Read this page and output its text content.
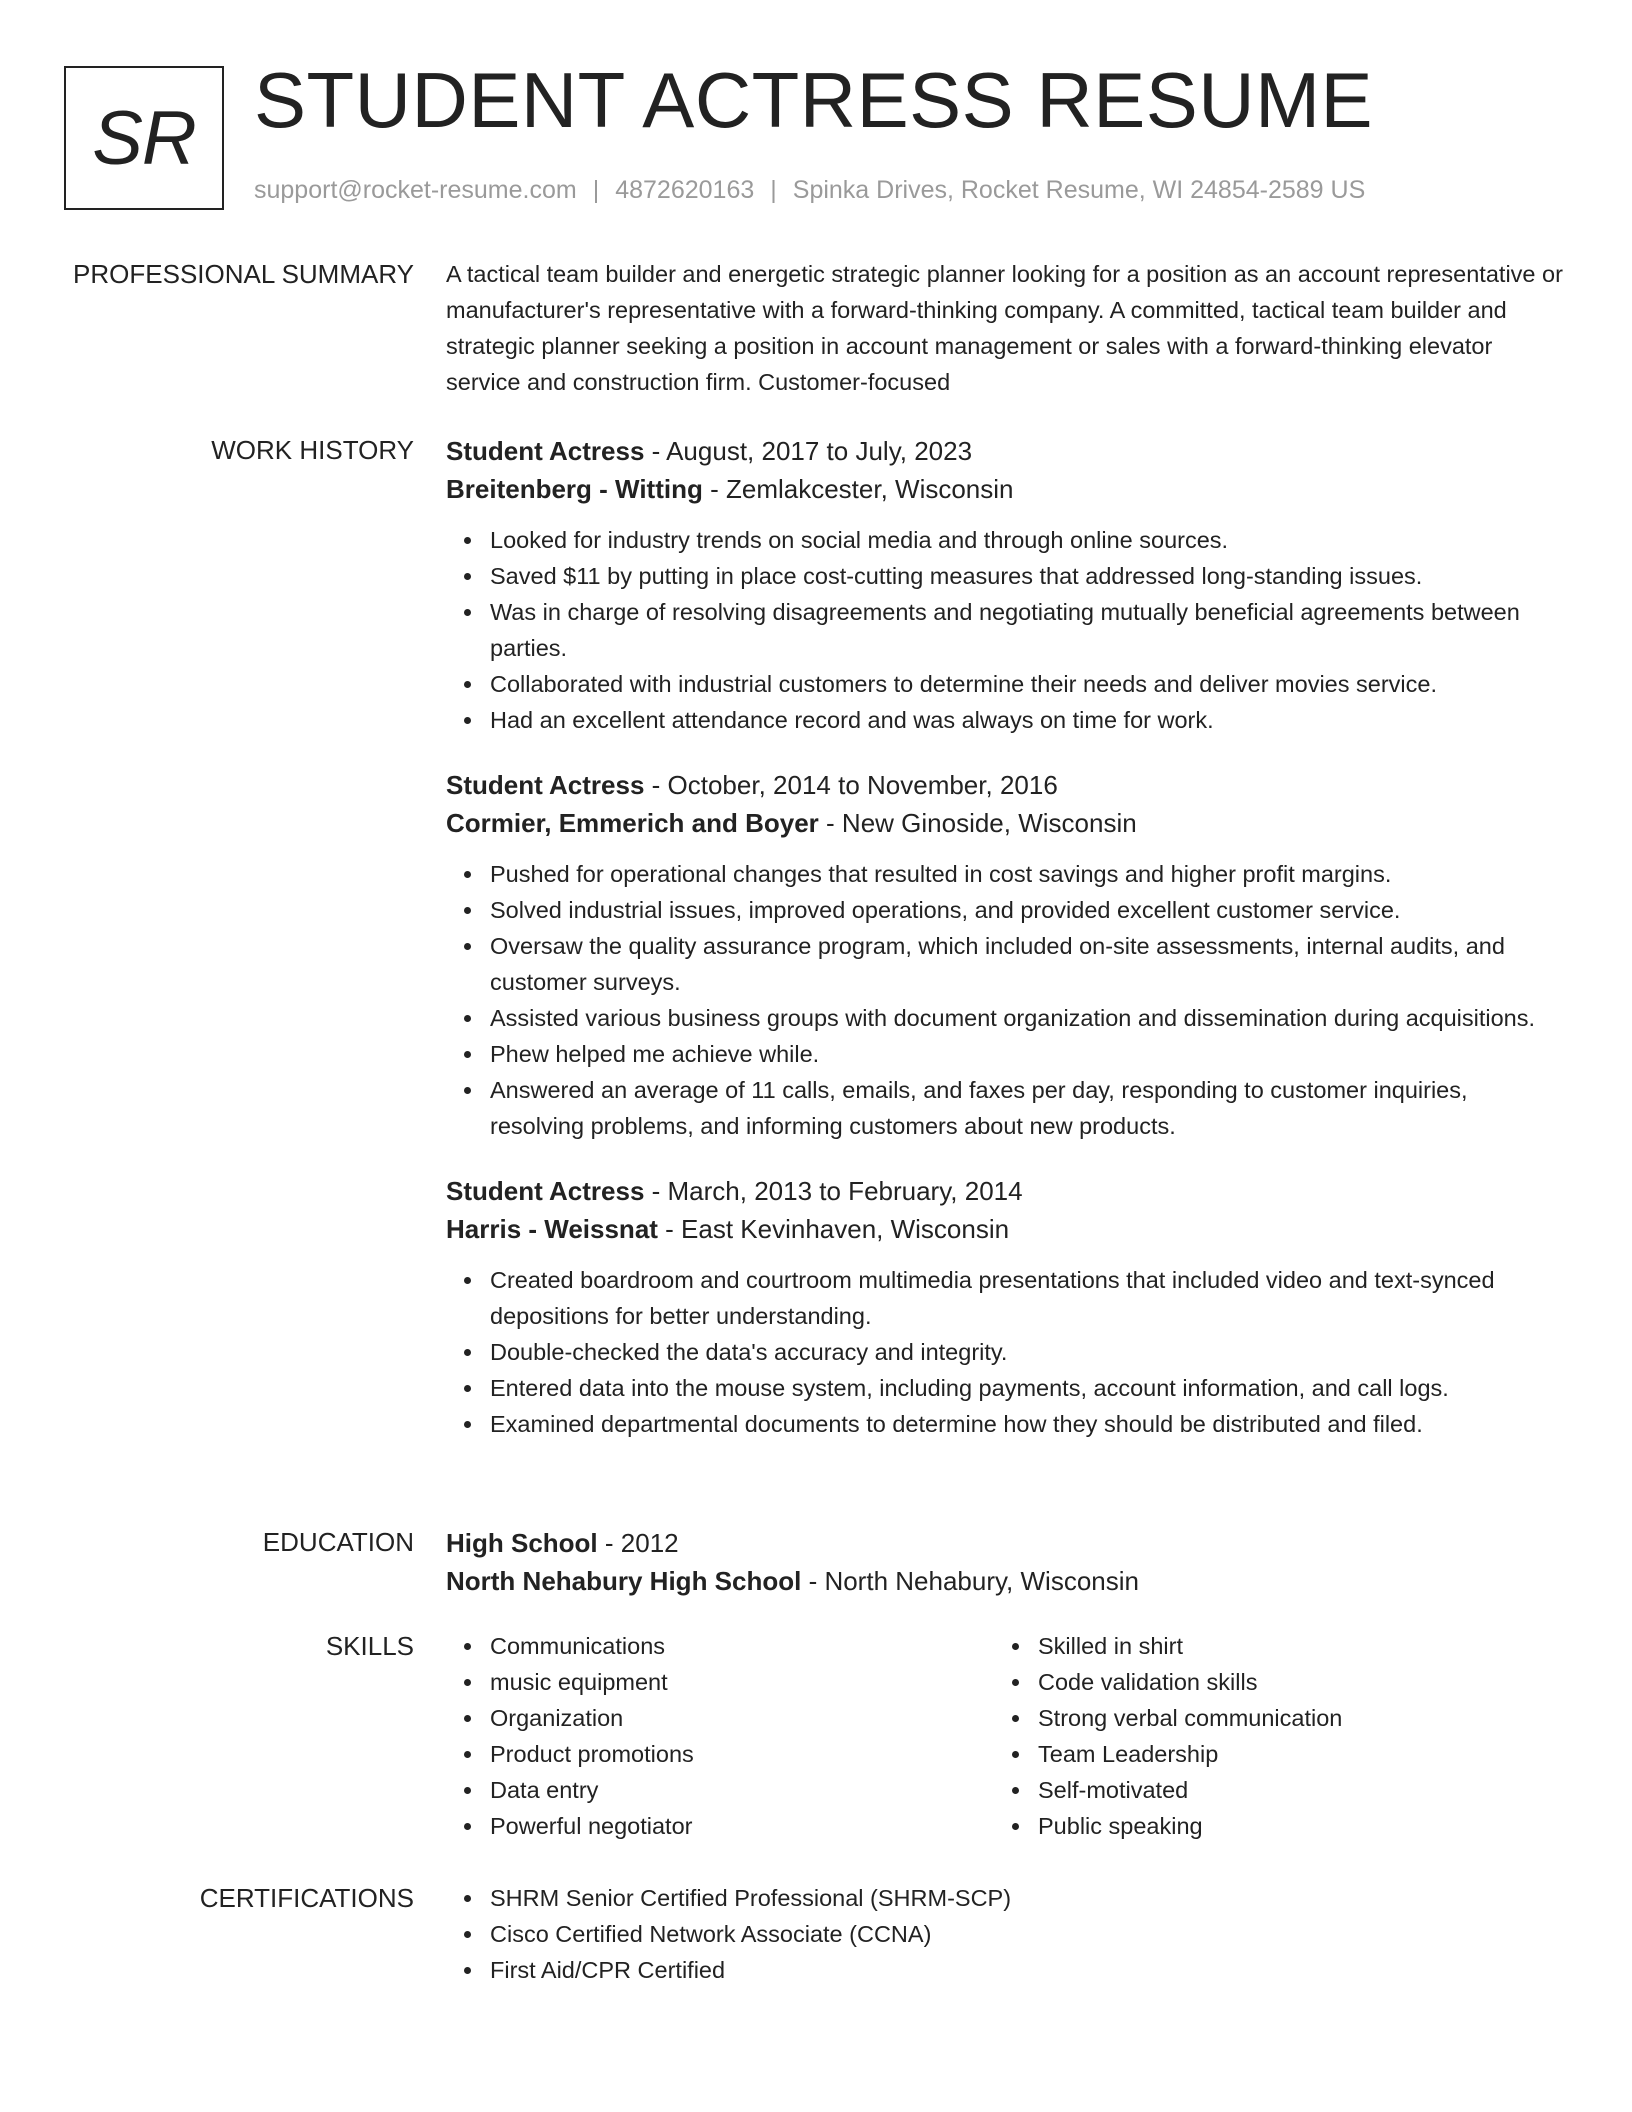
SR STUDENT ACTRESS RESUME
support@rocket-resume.com | 4872620163 | Spinka Drives, Rocket Resume, WI 24854-2589 US
PROFESSIONAL SUMMARY A tactical team builder and energetic strategic planner looking for a position as an account representative or manufacturer's representative with a forward-thinking company. A committed, tactical team builder and strategic planner seeking a position in account management or sales with a forward-thinking elevator service and construction firm. Customer-focused

WORK HISTORY Student Actress - August, 2017 to July, 2023
Breitenberg - Witting - Zemlakcester, Wisconsin
Looked for industry trends on social media and through online sources.
Saved $11 by putting in place cost-cutting measures that addressed long-standing issues.
Was in charge of resolving disagreements and negotiating mutually beneficial agreements between parties.
Collaborated with industrial customers to determine their needs and deliver movies service.
Had an excellent attendance record and was always on time for work.
Student Actress - October, 2014 to November, 2016
Cormier, Emmerich and Boyer - New Ginoside, Wisconsin
Pushed for operational changes that resulted in cost savings and higher profit margins.
Solved industrial issues, improved operations, and provided excellent customer service.
Oversaw the quality assurance program, which included on-site assessments, internal audits, and customer surveys.
Assisted various business groups with document organization and dissemination during acquisitions.
Phew helped me achieve while.
Answered an average of 11 calls, emails, and faxes per day, responding to customer inquiries, resolving problems, and informing customers about new products.
Student Actress - March, 2013 to February, 2014
Harris - Weissnat - East Kevinhaven, Wisconsin
Created boardroom and courtroom multimedia presentations that included video and text-synced depositions for better understanding.
Double-checked the data's accuracy and integrity.
Entered data into the mouse system, including payments, account information, and call logs.
Examined departmental documents to determine how they should be distributed and filed.
EDUCATION High School - 2012
North Nehabury High School - North Nehabury, Wisconsin
SKILLS	Communications
music equipment
Organization
Product promotions
Data entry
Powerful negotiator
Skilled in shirt
Code validation skills
Strong verbal communication
Team Leadership
Self-motivated
Public speaking
CERTIFICATIONS	SHRM Senior Certified Professional (SHRM-SCP)
Cisco Certified Network Associate (CCNA)
First Aid/CPR Certified
